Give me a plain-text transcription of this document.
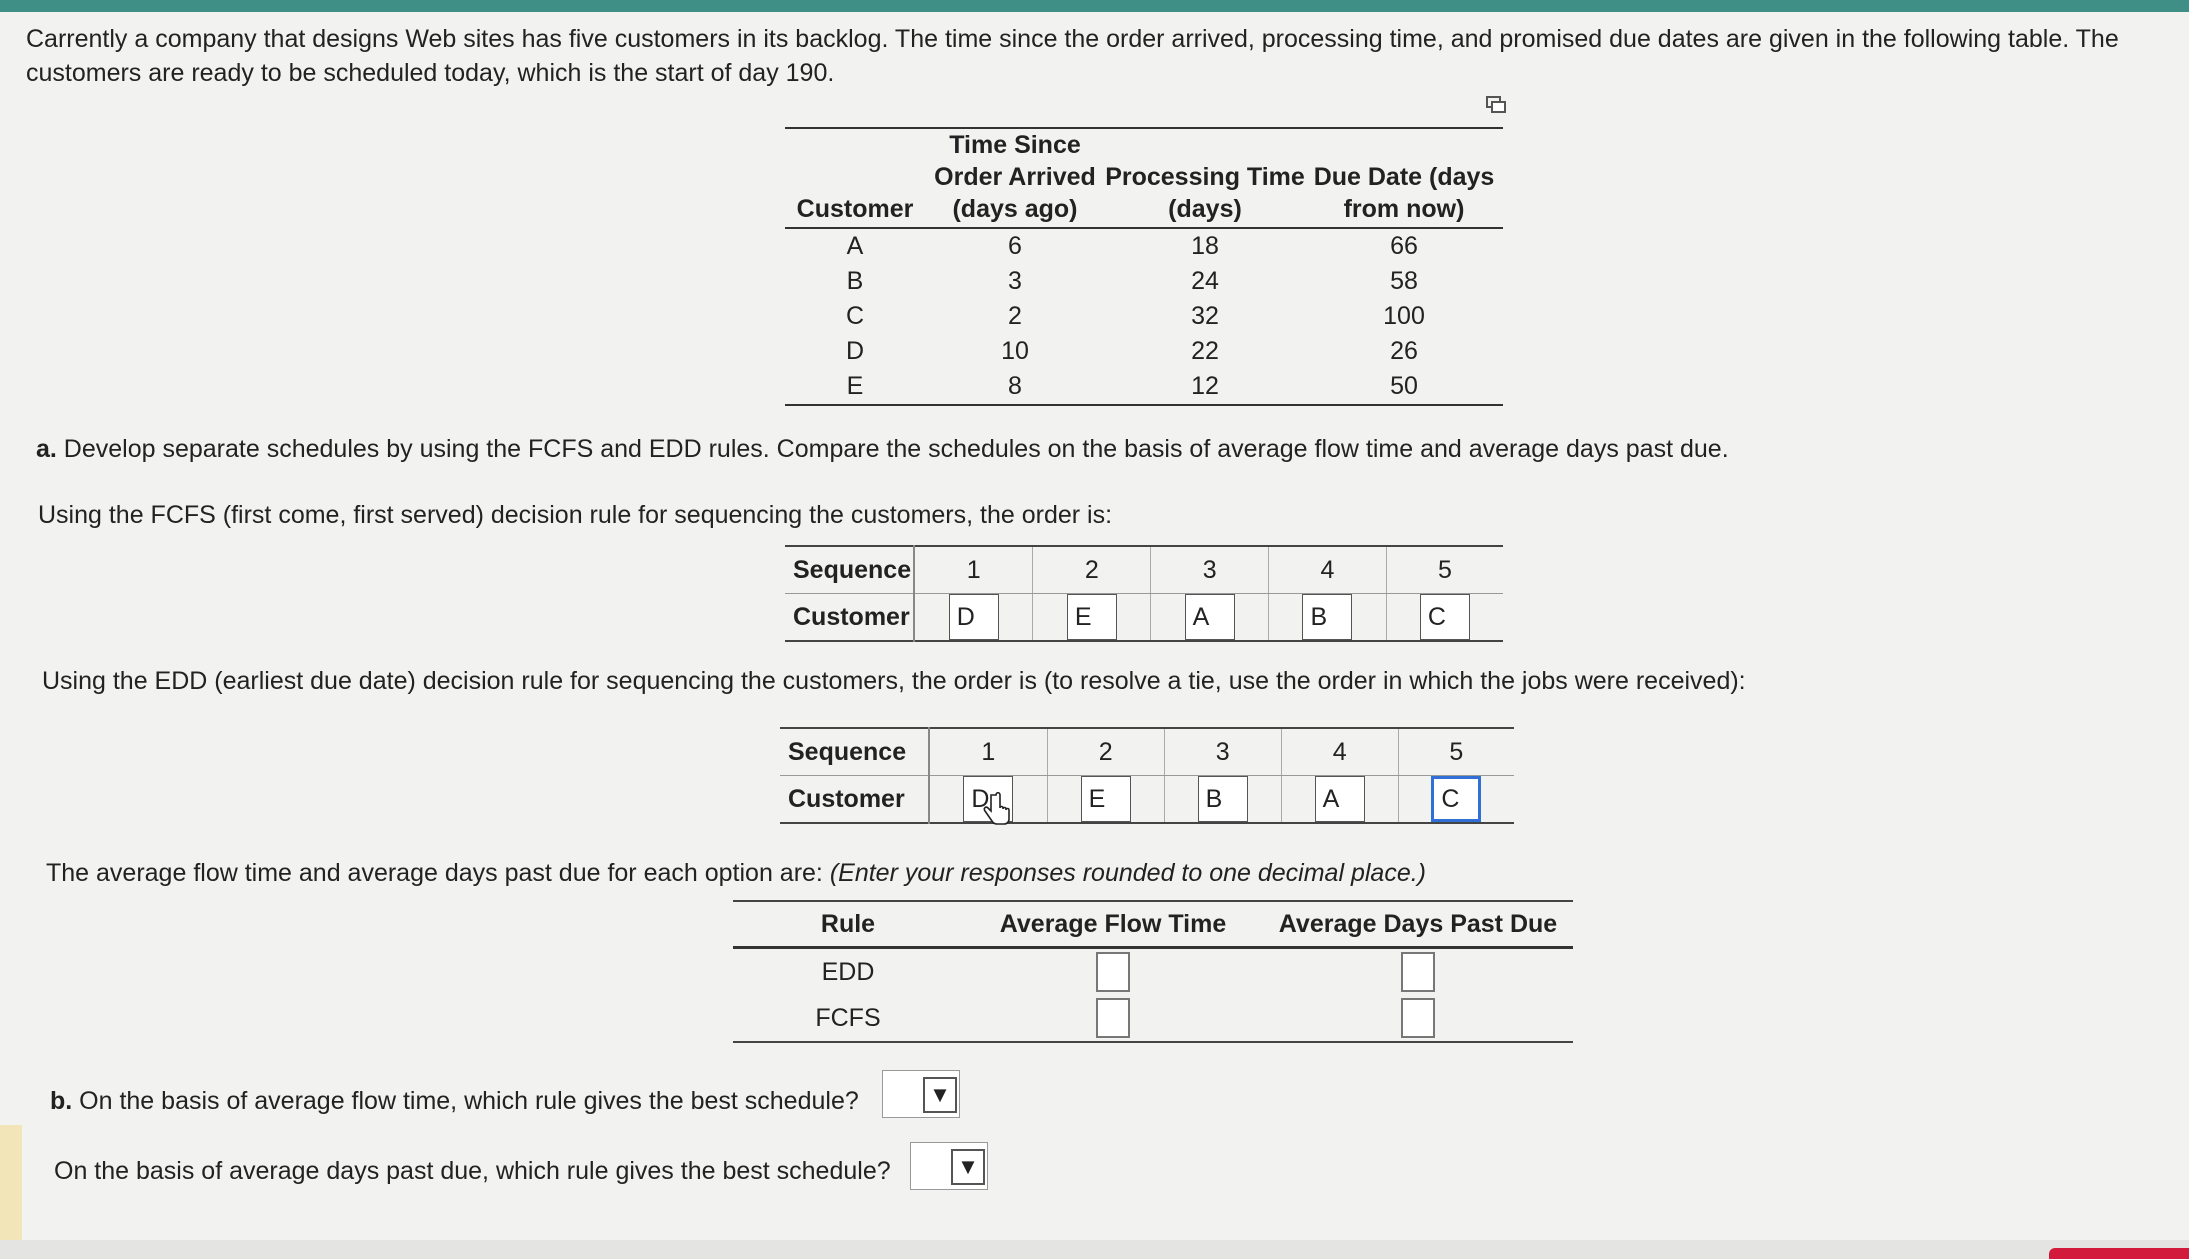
Carrently a company that designs Web sites has five customers in its backlog. The time since the order arrived, processing time, and promised due dates are given in the following table. The customers are ready to be scheduled today, which is the start of day 190.
Customer	Time Since Order Arrived (days ago)	Processing Time (days)	Due Date (days from now)
A	6	18	66
B	3	24	58
C	2	32	100
D	10	22	26
E	8	12	50
a. Develop separate schedules by using the FCFS and EDD rules. Compare the schedules on the basis of average flow time and average days past due.
Using the FCFS (first come, first served) decision rule for sequencing the customers, the order is:
Sequence	1	2	3	4	5
Customer	D	E	A	B	C
Using the EDD (earliest due date) decision rule for sequencing the customers, the order is (to resolve a tie, use the order in which the jobs were received):
Sequence	1	2	3	4	5
Customer	D	E	B	A	C
The average flow time and average days past due for each option are: (Enter your responses rounded to one decimal place.)
Rule	Average Flow Time	Average Days Past Due
EDD		
FCFS		
b. On the basis of average flow time, which rule gives the best schedule?	▼
On the basis of average days past due, which rule gives the best schedule?	▼
